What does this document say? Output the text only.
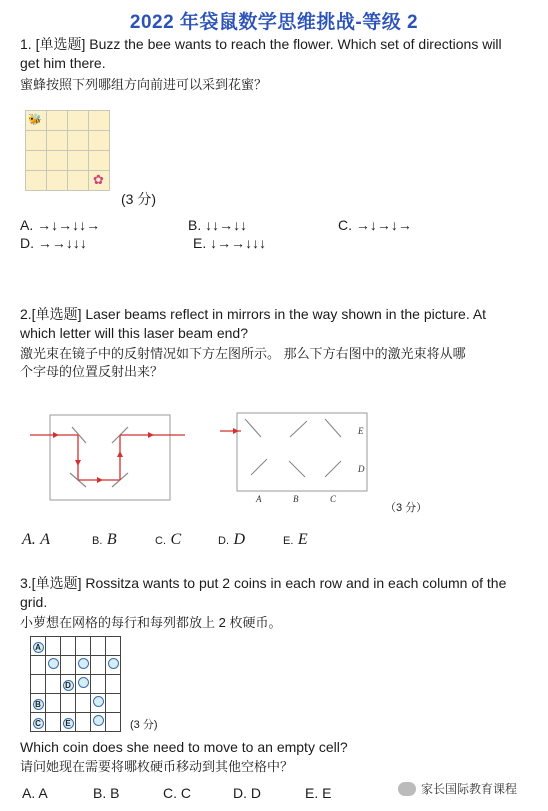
2022 年袋鼠数学思维挑战-等级 2
1. [单选题] Buzz the bee wants to reach the flower. Which set of directions will
get him there.
蜜蜂按照下列哪组方向前进可以采到花蜜？
🐝			

			✿
(3 分)
A. →↓→↓↓→	B. ↓↓→↓↓	C. →↓→↓→
D. →→↓↓↓	E. ↓→→↓↓↓
2.[单选题] Laser beams reflect in mirrors in the way shown in the picture. At
which letter will this laser beam end?
激光束在镜子中的反射情况如下方左图所示。 那么下方右图中的激光束将从哪
个字母的位置反射出来？
E
D
A	B	C
（3 分）
A. A	B. B	C. C	D. D	E. E
3.[单选题] Rossitza wants to put 2 coins in each row and in each column of the
grid.
小萝想在网格的每行和每列都放上 2 枚硬币。
A					

		D			
B					
C		E				(3 分)
Which coin does she need to move to an empty cell?
请问她现在需要将哪枚硬币移动到其他空格中？
A. A	B. B	C. C	D. D	E. E	家长国际教育课程
